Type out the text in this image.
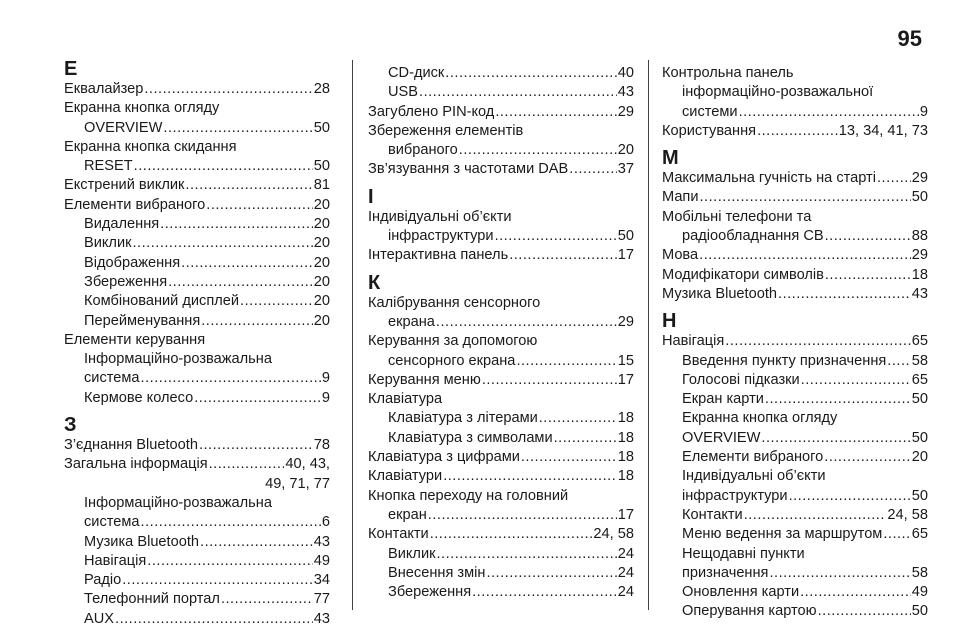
95
Е
Еквалайзер .....	28
Екранна кнопка огляду
OVERVIEW .....	50
Екранна кнопка скидання
RESET .....	50
Екстрений виклик .....	81
Елементи вибраного .....	20
Видалення .....	20
Виклик .....	20
Відображення .....	20
Збереження .....	20
Комбінований дисплей .....	20
Перейменування .....	20
Елементи керування
Інформаційно-розважальна
система .....	9
Кермове колесо .....	9
З
З’єднання Bluetooth .....	78
Загальна інформація .....	40, 43,
49, 71, 77
Інформаційно-розважальна
система .....	6
Музика Bluetooth .....	43
Навігація .....	49
Радіо .....	34
Телефонний портал .....	77
AUX .....	43
CD-диск .....	40
USB .....	43
Загублено PIN-код .....	29
Збереження елементів
вибраного .....	20
Зв’язування з частотами DAB .....	37
І
Індивідуальні об’єкти
інфраструктури .....	50
Інтерактивна панель .....	17
К
Калібрування сенсорного
екрана .....	29
Керування за допомогою
сенсорного екрана .....	15
Керування меню .....	17
Клавіатура
Клавіатура з літерами .....	18
Клавіатура з символами .....	18
Клавіатура з цифрами .....	18
Клавіатури .....	18
Кнопка переходу на головний
екран .....	17
Контакти .....	24, 58
Виклик .....	24
Внесення змін .....	24
Збереження .....	24
Контрольна панель
інформаційно-розважальної
системи .....	9
Користування .....	13, 34, 41, 73
М
Максимальна гучність на старті ..... 29
Мапи .....	50
Мобільні телефони та
радіообладнання CB .....	88
Мова .....	29
Модифікатори символів .....	18
Музика Bluetooth .....	43
Н
Навігація .....	65
Введення пункту призначення ..... 58
Голосові підказки .....	65
Екран карти .....	50
Екранна кнопка огляду
OVERVIEW .....	50
Елементи вибраного .....	20
Індивідуальні об’єкти
інфраструктури .....	50
Контакти .....	24, 58
Меню ведення за маршрутом ..... 65
Нещодавні пункти
призначення .....	58
Оновлення карти .....	49
Оперування картою .....	50
